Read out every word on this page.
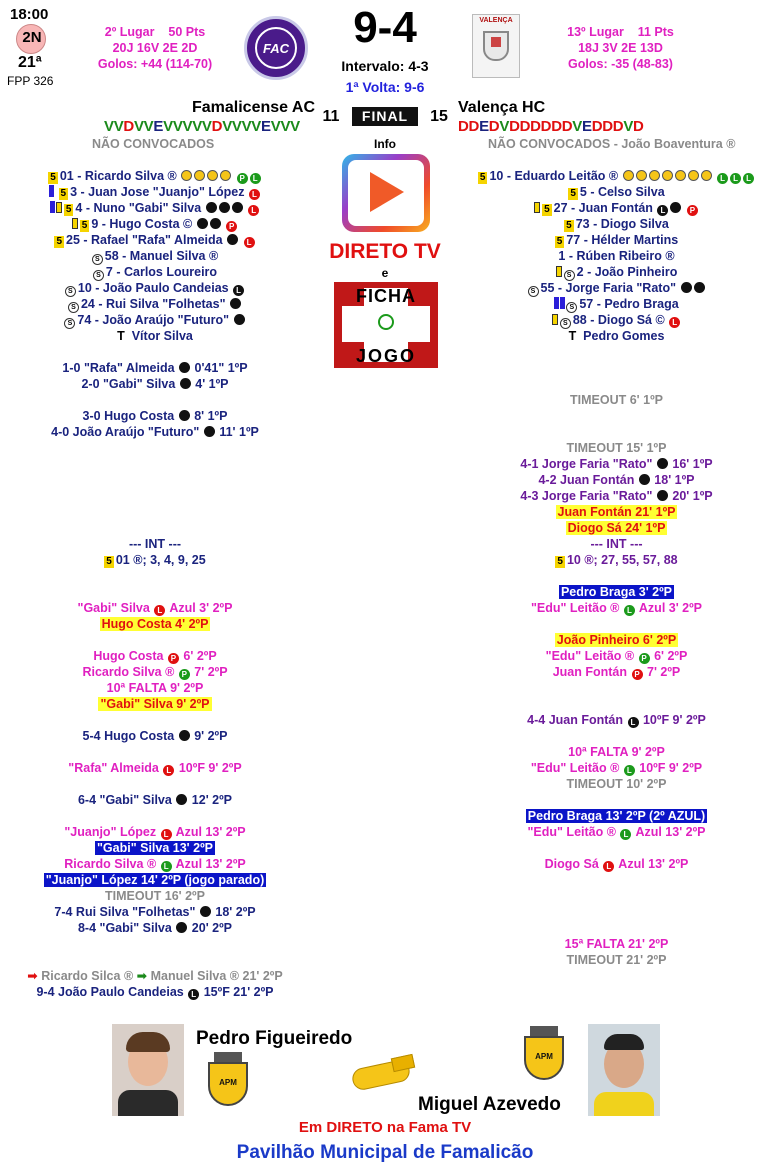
18:00
2N
21ª
FPP 326
2º Lugar 50 Pts
20J 16V 2E 2D
Golos: +44 (114-70)
FAC	9-4
Intervalo: 4-3
1ª Volta: 9-6
VALENÇA
13º Lugar 11 Pts
18J 3V 2E 13D
Golos: -35 (48-83)
Famalicense AC	Valença HC
VVDVVEVVVVVDVVVVEVVV
11	FINAL	15
DDEDVDDDDDDVEDDDVD
NÃO CONVOCADOS	NÃO CONVOCADOS - João Boaventura ®
Info
DIRETO TV
e
FICHA
JOGO
5 01 - Ricardo Silva ®	P L
5 3 - Juan Jose "Juanjo" López L
5 4 - Nuno "Gabi" Silva	L
5 9 - Hugo Costa ©	P
5 25 - Rafael "Rafa" Almeida	L
S 58 - Manuel Silva ®
S 7 - Carlos Loureiro
S 10 - João Paulo Candeias L
S 24 - Rui Silva "Folhetas"
S 74 - João Araújo "Futuro"
T Vítor Silva
5 10 - Eduardo Leitão ®	L L L
5 5 - Celso Silva
5 27 - Juan Fontán L	P
5 73 - Diogo Silva
5 77 - Hélder Martins
1 - Rúben Ribeiro ®
S 2 - João Pinheiro
S 55 - Jorge Faria "Rato"
S 57 - Pedro Braga
S 88 - Diogo Sá © L
T Pedro Gomes
1-0 "Rafa" Almeida 0'41" 1ºP
2-0 "Gabi" Silva 4' 1ºP
3-0 Hugo Costa 8' 1ºP
4-0 João Araújo "Futuro" 11' 1ºP
--- INT ---
5 01 ®; 3, 4, 9, 25
"Gabi" Silva L Azul 3' 2ºP
Hugo Costa 4' 2ºP
Hugo Costa P 6' 2ºP
Ricardo Silva ® P 7' 2ºP
10ª FALTA 9' 2ºP
"Gabi" Silva 9' 2ºP
5-4 Hugo Costa 9' 2ºP
"Rafa" Almeida L 10ºF 9' 2ºP
6-4 "Gabi" Silva 12' 2ºP
"Juanjo" López L Azul 13' 2ºP
"Gabi" Silva 13' 2ºP
Ricardo Silva ® L Azul 13' 2ºP
"Juanjo" López 14' 2ºP (jogo parado)
TIMEOUT 16' 2ºP
7-4 Rui Silva "Folhetas" 18' 2ºP
8-4 "Gabi" Silva 20' 2ºP
➡ Ricardo Silca ® ➡ Manuel Silva ® 21' 2ºP
9-4 João Paulo Candeias L 15ºF 21' 2ºP
TIMEOUT 6' 1ºP
TIMEOUT 15' 1ºP
4-1 Jorge Faria "Rato" 16' 1ºP
4-2 Juan Fontán 18' 1ºP
4-3 Jorge Faria "Rato" 20' 1ºP
Juan Fontán 21' 1ºP
Diogo Sá 24' 1ºP
--- INT ---
5 10 ®; 27, 55, 57, 88
Pedro Braga 3' 2ºP
"Edu" Leitão ® L Azul 3' 2ºP
João Pinheiro 6' 2ºP
"Edu" Leitão ® P 6' 2ºP
Juan Fontán P 7' 2ºP
4-4 Juan Fontán L 10ºF 9' 2ºP
10ª FALTA 9' 2ºP
"Edu" Leitão ® L 10ºF 9' 2ºP
TIMEOUT 10' 2ºP
Pedro Braga 13' 2ºP (2º AZUL)
"Edu" Leitão ® L Azul 13' 2ºP
Diogo Sá L Azul 13' 2ºP
15ª FALTA 21' 2ºP
TIMEOUT 21' 2ºP
Pedro Figueiredo
APM
APM
Miguel Azevedo
Em DIRETO na Fama TV
Pavilhão Municipal de Famalicão
